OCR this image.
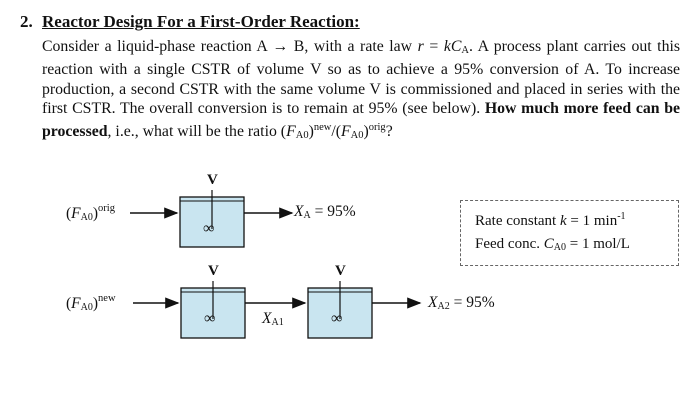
2. Reactor Design For a First-Order Reaction:
Consider a liquid-phase reaction A → B, with a rate law r = kCA. A process plant carries out this reaction with a single CSTR of volume V so as to achieve a 95% conversion of A. To increase production, a second CSTR with the same volume V is commissioned and placed in series with the first CSTR. The overall conversion is to remain at 95% (see below). How much more feed can be processed, i.e., what will be the ratio $(FA0)^{new}/(FA0)^{orig}$?
V
V	V
∞
∞	∞
$(F_{A0})^{orig}$
$(F_{A0})^{new}$
$X_A = 95\%$
$X_{A1}$
$X_{A2} = 95\%$
Rate constant k = 1 $\min^{-1}$
Feed conc. $C_{A0} = 1$ mol/L
